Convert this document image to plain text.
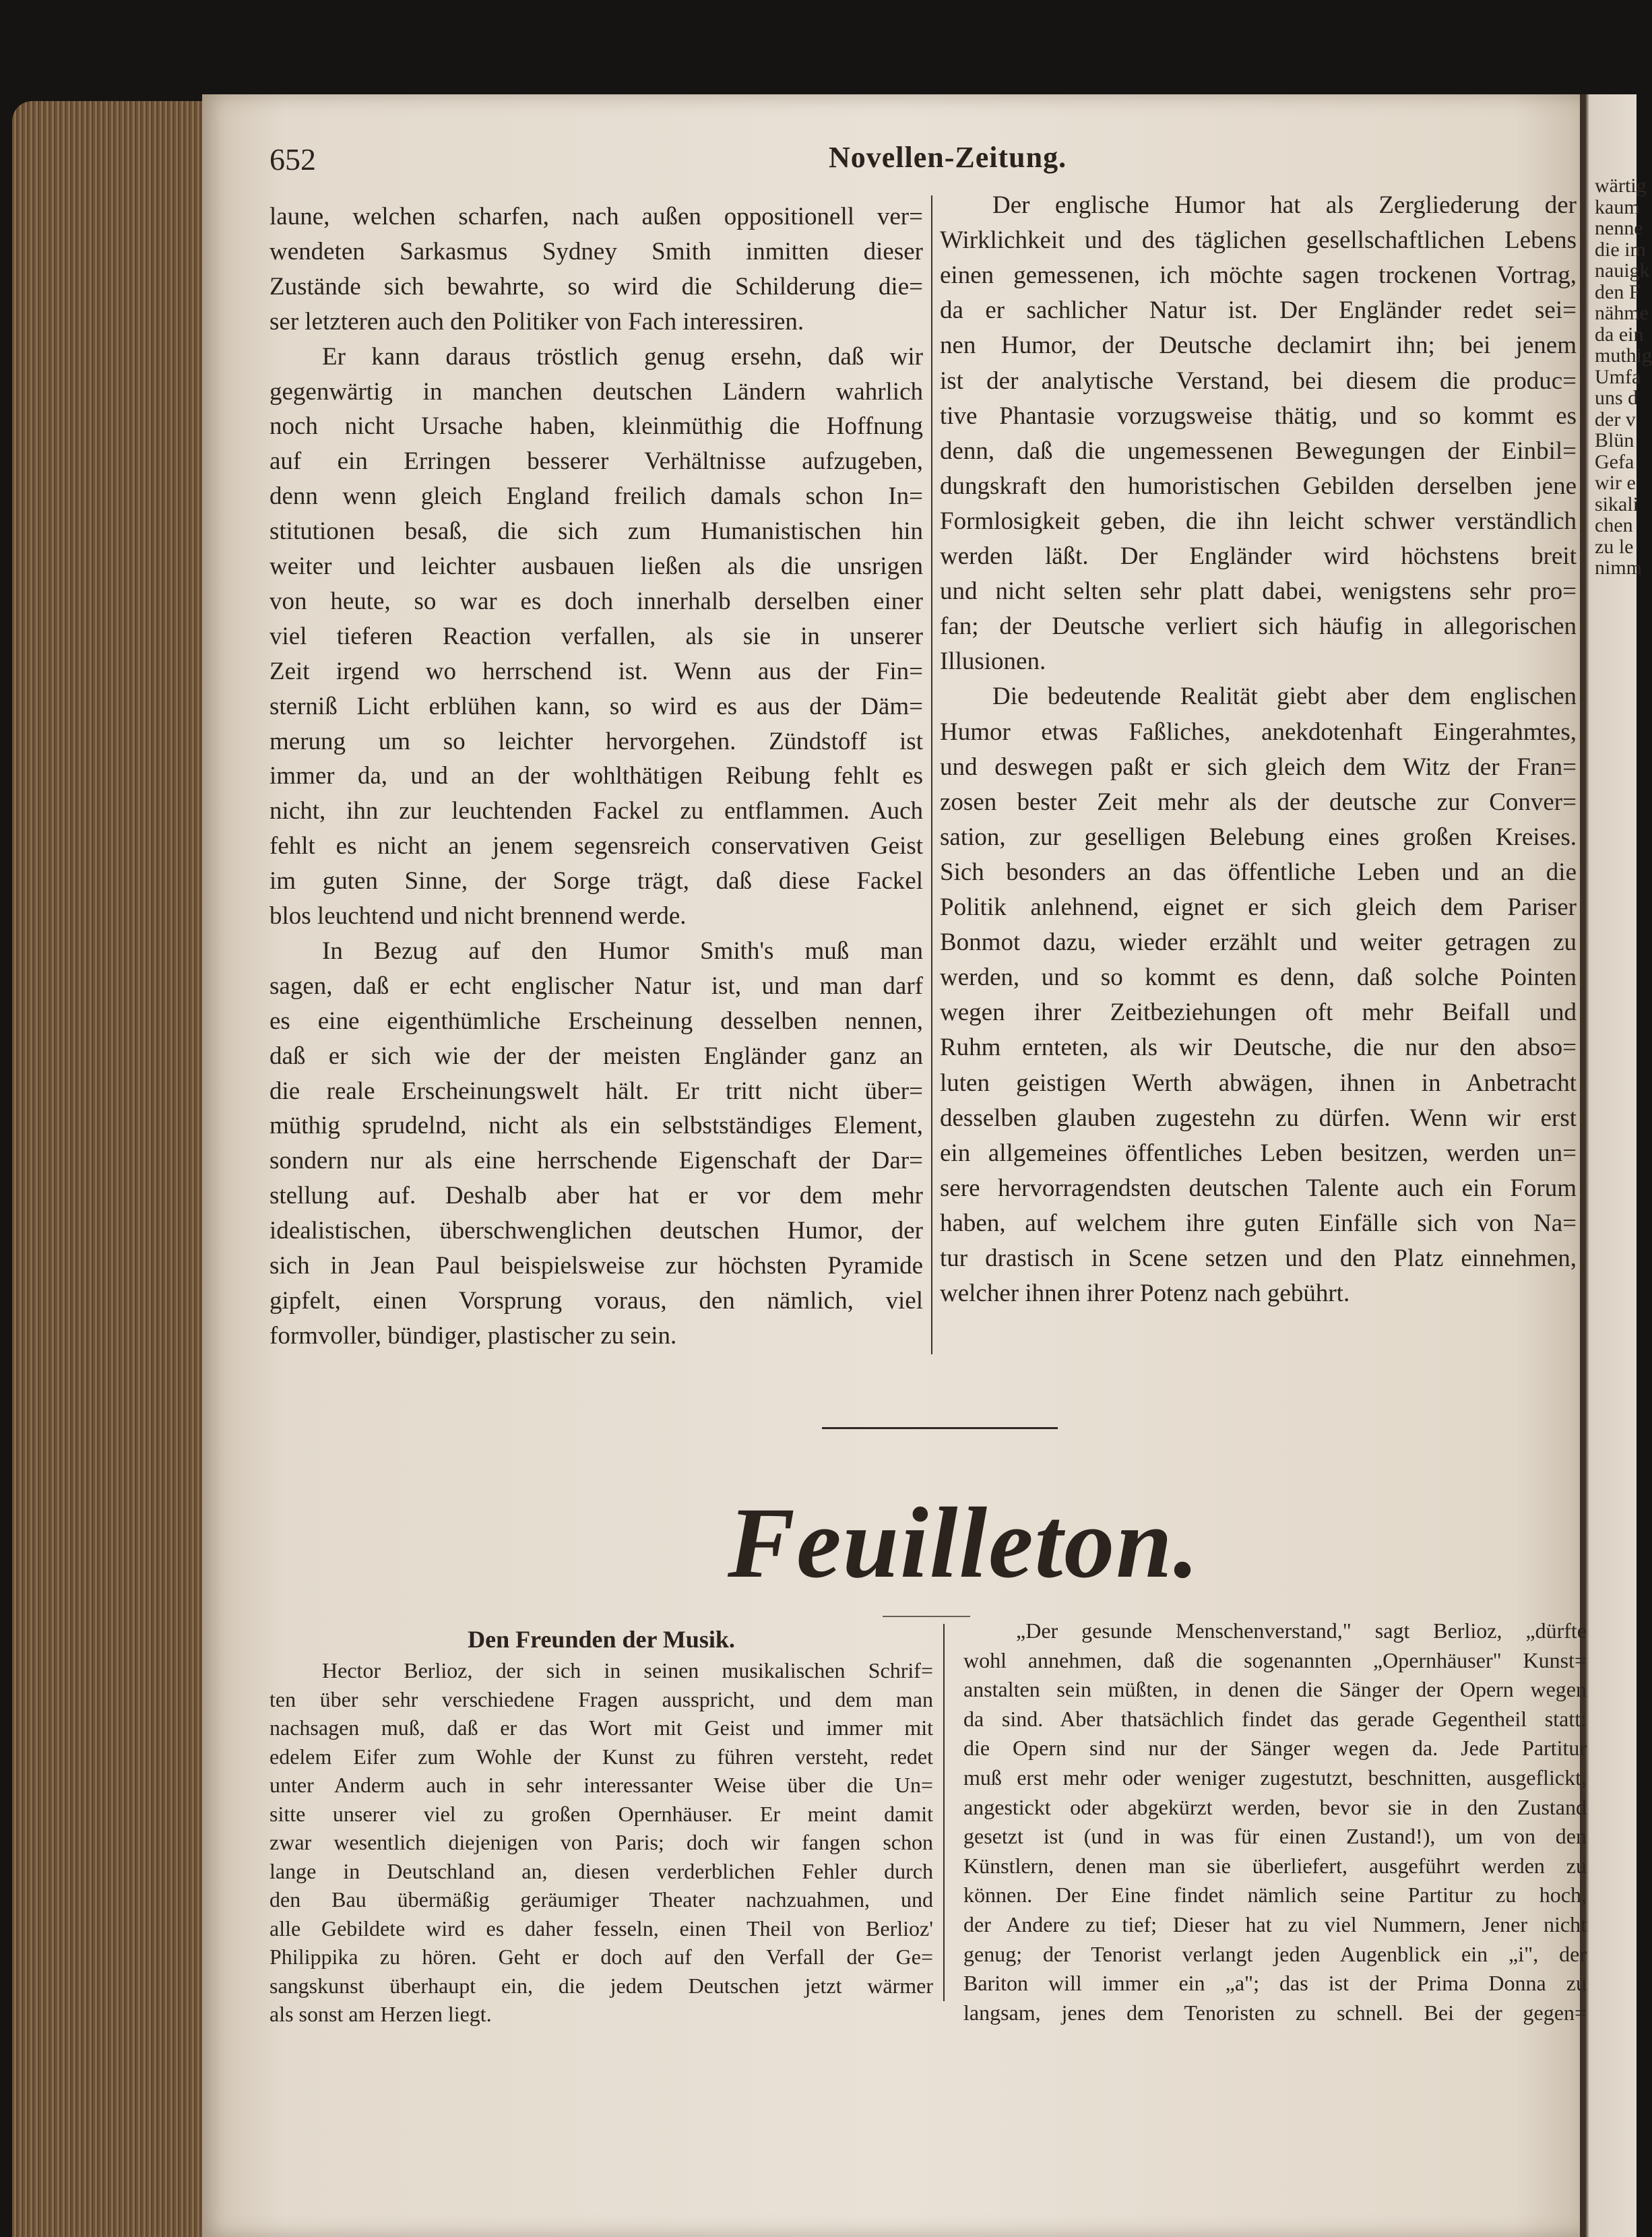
wärtig
kaum
nenne
die im
nauigk
den F
nähme
da ein
muthig
Umfa
uns d
der v
Blün
Gefa
wir e
sikali
chen
zu le
nimm
652	Novellen-Zeitung.
laune, welchen scharfen, nach außen oppositionell ver=
wendeten Sarkasmus Sydney Smith inmitten dieser
Zustände sich bewahrte, so wird die Schilderung die=
ser letzteren auch den Politiker von Fach interessiren.
Er kann daraus tröstlich genug ersehn, daß wir
gegenwärtig in manchen deutschen Ländern wahrlich
noch nicht Ursache haben, kleinmüthig die Hoffnung
auf ein Erringen besserer Verhältnisse aufzugeben,
denn wenn gleich England freilich damals schon In=
stitutionen besaß, die sich zum Humanistischen hin
weiter und leichter ausbauen ließen als die unsrigen
von heute, so war es doch innerhalb derselben einer
viel tieferen Reaction verfallen, als sie in unserer
Zeit irgend wo herrschend ist. Wenn aus der Fin=
sterniß Licht erblühen kann, so wird es aus der Däm=
merung um so leichter hervorgehen. Zündstoff ist
immer da, und an der wohlthätigen Reibung fehlt es
nicht, ihn zur leuchtenden Fackel zu entflammen. Auch
fehlt es nicht an jenem segensreich conservativen Geist
im guten Sinne, der Sorge trägt, daß diese Fackel
blos leuchtend und nicht brennend werde.
In Bezug auf den Humor Smith's muß man
sagen, daß er echt englischer Natur ist, und man darf
es eine eigenthümliche Erscheinung desselben nennen,
daß er sich wie der der meisten Engländer ganz an
die reale Erscheinungswelt hält. Er tritt nicht über=
müthig sprudelnd, nicht als ein selbstständiges Element,
sondern nur als eine herrschende Eigenschaft der Dar=
stellung auf. Deshalb aber hat er vor dem mehr
idealistischen, überschwenglichen deutschen Humor, der
sich in Jean Paul beispielsweise zur höchsten Pyramide
gipfelt, einen Vorsprung voraus, den nämlich, viel
formvoller, bündiger, plastischer zu sein.
Der englische Humor hat als Zergliederung der
Wirklichkeit und des täglichen gesellschaftlichen Lebens
einen gemessenen, ich möchte sagen trockenen Vortrag,
da er sachlicher Natur ist. Der Engländer redet sei=
nen Humor, der Deutsche declamirt ihn; bei jenem
ist der analytische Verstand, bei diesem die produc=
tive Phantasie vorzugsweise thätig, und so kommt es
denn, daß die ungemessenen Bewegungen der Einbil=
dungskraft den humoristischen Gebilden derselben jene
Formlosigkeit geben, die ihn leicht schwer verständlich
werden läßt. Der Engländer wird höchstens breit
und nicht selten sehr platt dabei, wenigstens sehr pro=
fan; der Deutsche verliert sich häufig in allegorischen
Illusionen.
Die bedeutende Realität giebt aber dem englischen
Humor etwas Faßliches, anekdotenhaft Eingerahmtes,
und deswegen paßt er sich gleich dem Witz der Fran=
zosen bester Zeit mehr als der deutsche zur Conver=
sation, zur geselligen Belebung eines großen Kreises.
Sich besonders an das öffentliche Leben und an die
Politik anlehnend, eignet er sich gleich dem Pariser
Bonmot dazu, wieder erzählt und weiter getragen zu
werden, und so kommt es denn, daß solche Pointen
wegen ihrer Zeitbeziehungen oft mehr Beifall und
Ruhm ernteten, als wir Deutsche, die nur den abso=
luten geistigen Werth abwägen, ihnen in Anbetracht
desselben glauben zugestehn zu dürfen. Wenn wir erst
ein allgemeines öffentliches Leben besitzen, werden un=
sere hervorragendsten deutschen Talente auch ein Forum
haben, auf welchem ihre guten Einfälle sich von Na=
tur drastisch in Scene setzen und den Platz einnehmen,
welcher ihnen ihrer Potenz nach gebührt.
Feuilleton.
Den Freunden der Musik.
Hector Berlioz, der sich in seinen musikalischen Schrif=
ten über sehr verschiedene Fragen ausspricht, und dem man
nachsagen muß, daß er das Wort mit Geist und immer mit
edelem Eifer zum Wohle der Kunst zu führen versteht, redet
unter Anderm auch in sehr interessanter Weise über die Un=
sitte unserer viel zu großen Opernhäuser. Er meint damit
zwar wesentlich diejenigen von Paris; doch wir fangen schon
lange in Deutschland an, diesen verderblichen Fehler durch
den Bau übermäßig geräumiger Theater nachzuahmen, und
alle Gebildete wird es daher fesseln, einen Theil von Berlioz'
Philippika zu hören. Geht er doch auf den Verfall der Ge=
sangskunst überhaupt ein, die jedem Deutschen jetzt wärmer
als sonst am Herzen liegt.
„Der gesunde Menschenverstand," sagt Berlioz, „dürfte
wohl annehmen, daß die sogenannten „Opernhäuser" Kunst=
anstalten sein müßten, in denen die Sänger der Opern wegen
da sind. Aber thatsächlich findet das gerade Gegentheil statt:
die Opern sind nur der Sänger wegen da. Jede Partitur
muß erst mehr oder weniger zugestutzt, beschnitten, ausgeflickt,
angestickt oder abgekürzt werden, bevor sie in den Zustand
gesetzt ist (und in was für einen Zustand!), um von den
Künstlern, denen man sie überliefert, ausgeführt werden zu
können. Der Eine findet nämlich seine Partitur zu hoch,
der Andere zu tief; Dieser hat zu viel Nummern, Jener nicht
genug; der Tenorist verlangt jeden Augenblick ein „i", der
Bariton will immer ein „a"; das ist der Prima Donna zu
langsam, jenes dem Tenoristen zu schnell. Bei der gegen=
